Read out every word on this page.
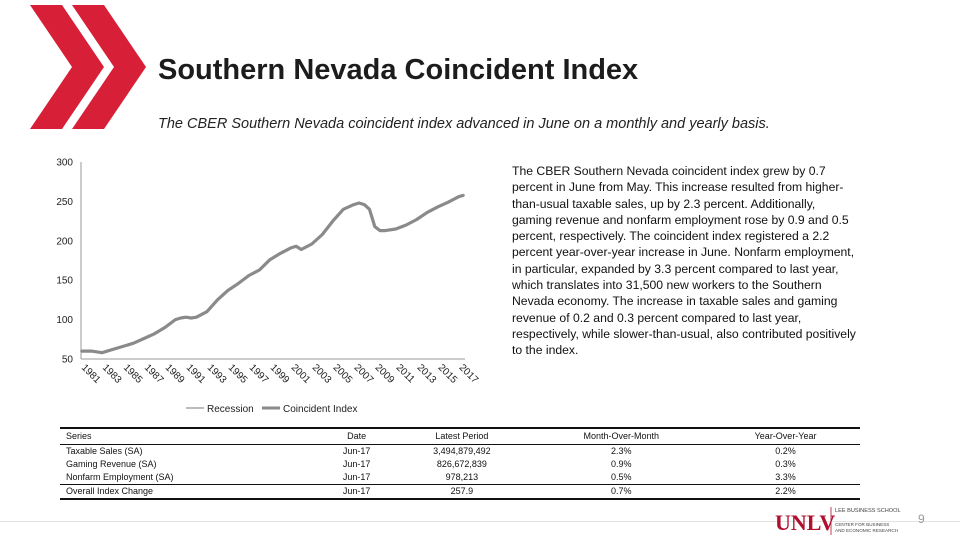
Southern Nevada Coincident Index
The CBER Southern Nevada coincident index advanced in June on a monthly and yearly basis.
300
250
200
150
100
50
1981
1983
1985
1987
1989
1991
1993
1995
1997
1999
2001
2003
2005
2007
2009
2011
2013
2015
2017
Recession	Coincident Index
The CBER Southern Nevada coincident index grew by 0.7 percent in June from May. This increase resulted from higher-than-usual taxable sales, up by 2.3 percent. Additionally, gaming revenue and nonfarm employment rose by 0.9 and 0.5 percent, respectively. The coincident index registered a 2.2 percent year-over-year increase in June. Nonfarm employment, in particular, expanded by 3.3 percent compared to last year, which translates into 31,500 new workers to the Southern Nevada economy. The increase in taxable sales and gaming revenue of 0.2 and 0.3 percent compared to last year, respectively, while slower-than-usual, also contributed positively to the index.
Series	Date	Latest Period	Month-Over-Month	Year-Over-Year
Taxable Sales (SA)	Jun-17	3,494,879,492	2.3%	0.2%
Gaming Revenue (SA)	Jun-17	826,672,839	0.9%	0.3%
Nonfarm Employment (SA)	Jun-17	978,213	0.5%	3.3%
Overall Index Change	Jun-17	257.9	0.7%	2.2%
UNLV LEE BUSINESS SCHOOL
CENTER FOR BUSINESS
AND ECONOMIC RESEARCH
9
